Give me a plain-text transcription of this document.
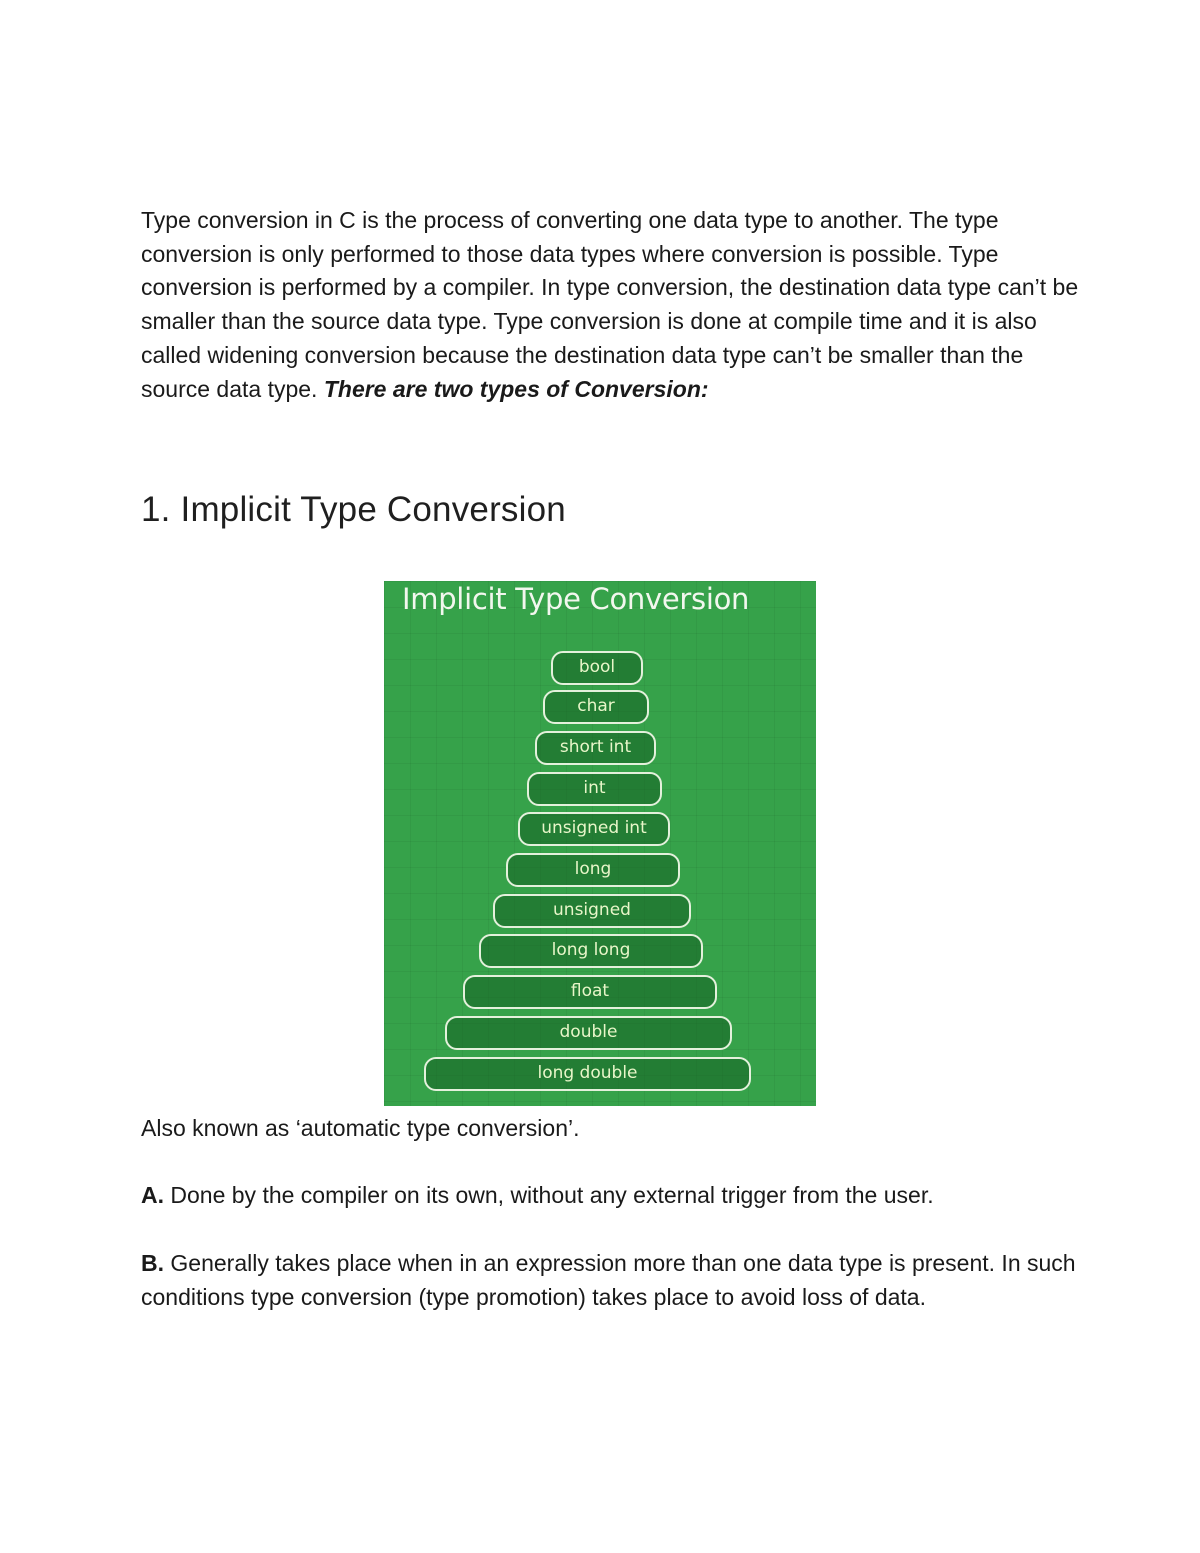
Type conversion in C is the process of converting one data type to another. The type conversion is only performed to those data types where conversion is possible. Type conversion is performed by a compiler. In type conversion, the destination data type can’t be smaller than the source data type. Type conversion is done at compile time and it is also called widening conversion because the destination data type can’t be smaller than the source data type. There are two types of Conversion:

1. Implicit Type Conversion
Implicit Type Conversion
bool
char
short int
int
unsigned int
long
unsigned
long long
float
double
long double

Also known as ‘automatic type conversion’.

A. Done by the compiler on its own, without any external trigger from the user.

B. Generally takes place when in an expression more than one data type is present. In such conditions type conversion (type promotion) takes place to avoid loss of data.
